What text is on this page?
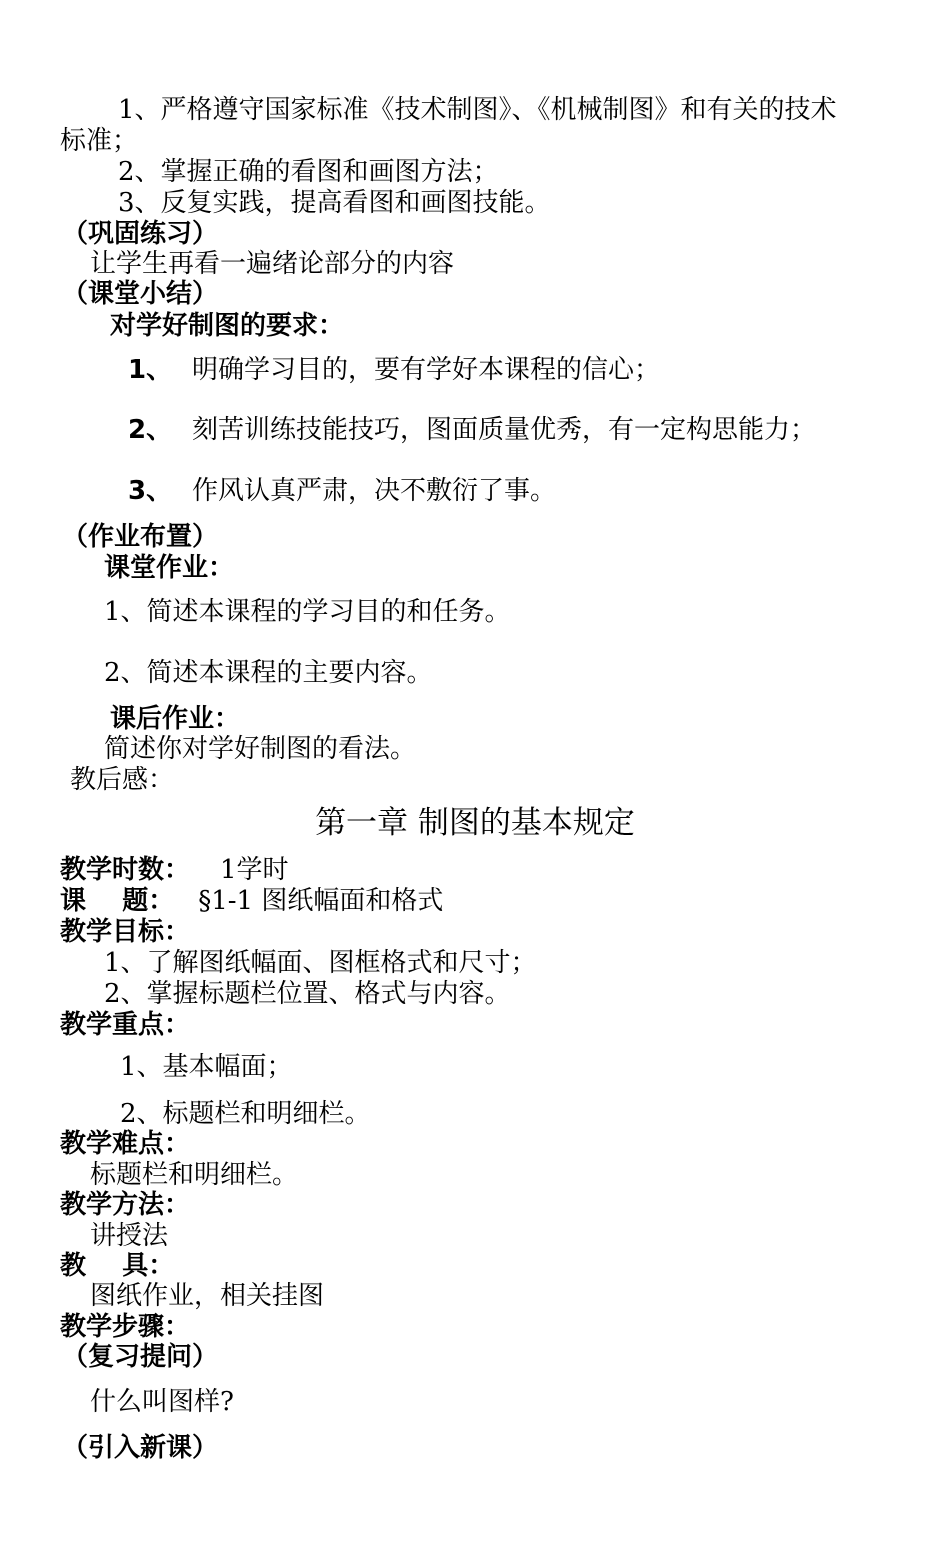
1、严格遵守国家标准《技术制图》、《机械制图》和有关的技术
标准；
2、掌握正确的看图和画图方法；
3、反复实践，提高看图和画图技能。
（巩固练习）
让学生再看一遍绪论部分的内容
（课堂小结）
对学好制图的要求：
1、 明确学习目的，要有学好本课程的信心；
2、 刻苦训练技能技巧，图面质量优秀，有一定构思能力；
3、 作风认真严肃，决不敷衍了事。
（作业布置）
课堂作业：
1、简述本课程的学习目的和任务。
2、简述本课程的主要内容。
课后作业：
简述你对学好制图的看法。
教后感：
第一章 制图的基本规定
教学时数： 1学时
课    题： §1-1 图纸幅面和格式
教学目标：
1、了解图纸幅面、图框格式和尺寸；
2、掌握标题栏位置、格式与内容。
教学重点：
1、基本幅面；
2、标题栏和明细栏。
教学难点：
标题栏和明细栏。
教学方法：
讲授法
教    具：
图纸作业，相关挂图
教学步骤：
（复习提问）
什么叫图样?
（引入新课）
